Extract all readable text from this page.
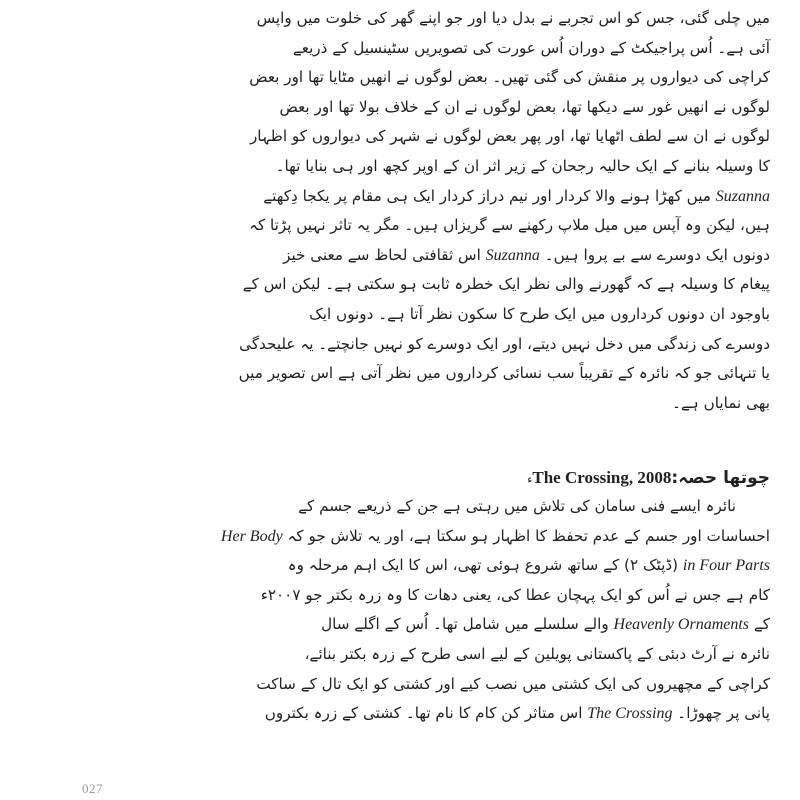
میں چلی گئی، جس کو اس تجربے نے بدل دیا اور جو اپنے گھر کی خلوت میں واپس
آئی ہے۔ اُس پراجیکٹ کے دوران اُس عورت کی تصویریں سٹینسیل کے ذریعے
کراچی کی دیواروں پر منقش کی گئی تھیں۔ بعض لوگوں نے انھیں مٹایا تھا اور بعض
لوگوں نے انھیں غور سے دیکھا تھا، بعض لوگوں نے ان کے خلاف بولا تھا اور بعض
لوگوں نے ان سے لطف اٹھایا تھا، اور پھر بعض لوگوں نے شہر کی دیواروں کو اظہار
کا وسیلہ بنانے کے ایک حالیہ رجحان کے زیر اثر ان کے اوپر کچھ اور ہی بنایا تھا۔
Suzanna میں کھڑا ہونے والا کردار اور نیم دراز کردار ایک ہی مقام پر یکجا دِکھتے
ہیں، لیکن وہ آپس میں میل ملاپ رکھنے سے گریزاں ہیں۔ مگر یہ تاثر نہیں پڑتا کہ
دونوں ایک دوسرے سے بے پروا ہیں۔ Suzanna اس ثقافتی لحاظ سے معنی خیز
پیغام کا وسیلہ ہے کہ گھورنے والی نظر ایک خطرہ ثابت ہو سکتی ہے۔ لیکن اس کے
باوجود ان دونوں کرداروں میں ایک طرح کا سکون نظر آتا ہے۔ دونوں ایک
دوسرے کی زندگی میں دخل نہیں دیتے، اور ایک دوسرے کو نہیں جانچتے۔ یہ علیحدگی
یا تنہائی جو کہ نائرہ کے تقریباً سب نسائی کرداروں میں نظر آتی ہے اس تصویر میں
بھی نمایاں ہے۔
چوتھا حصہ:The Crossing, 2008ء
نائرہ ایسے فنی سامان کی تلاش میں رہتی ہے جن کے ذریعے جسم کے
احساسات اور جسم کے عدم تحفظ کا اظہار ہو سکتا ہے، اور یہ تلاش جو کہ Her Body
in Four Parts (ڈپٹک ۲) کے ساتھ شروع ہوئی تھی، اس کا ایک اہم مرحلہ وہ
کام ہے جس نے اُس کو ایک پہچان عطا کی، یعنی دھات کا وہ زرہ بکتر جو ۲۰۰۷ء
کے Heavenly Ornaments والے سلسلے میں شامل تھا۔ اُس کے اگلے سال
نائرہ نے آرٹ دبئی کے پاکستانی پویلین کے لیے اسی طرح کے زرہ بکتر بنائے،
کراچی کے مچھیروں کی ایک کشتی میں نصب کیے اور کشتی کو ایک تال کے ساکت
پانی پر چھوڑا۔ The Crossing اس متاثر کن کام کا نام تھا۔ کشتی کے زرہ بکتروں
027
